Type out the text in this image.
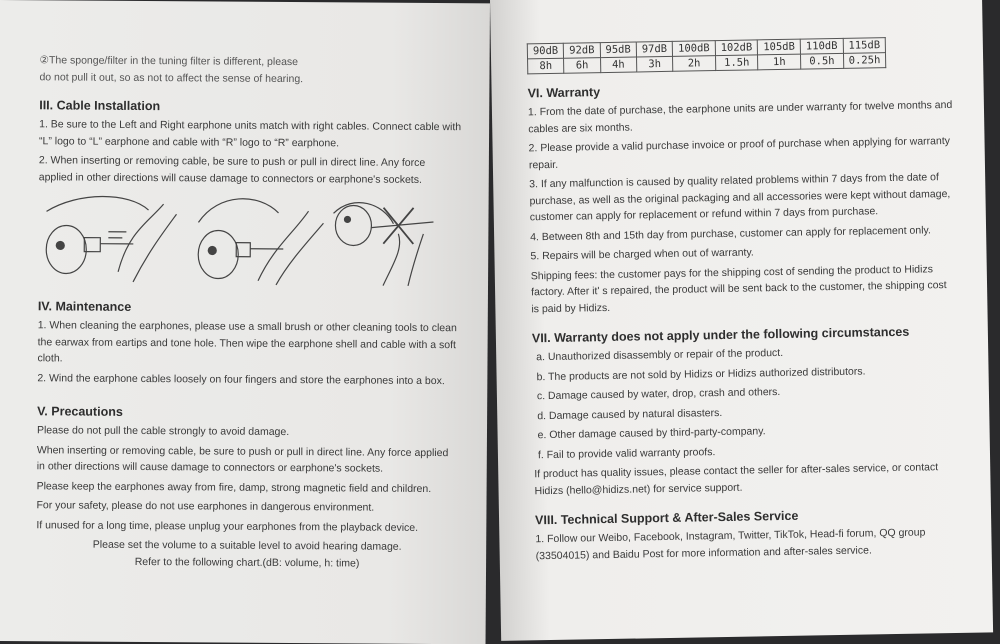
②The sponge/filter in the tuning filter is different, please

do not pull it out, so as not to affect the sense of hearing.

III. Cable Installation

1. Be sure to the Left and Right earphone units match with right cables. Connect cable with “L” logo to “L” earphone and cable with “R” logo to “R” earphone.

2. When inserting or removing cable, be sure to push or pull in direct line. Any force applied in other directions will cause damage to connectors or earphone's sockets.

IV. Maintenance

1. When cleaning the earphones, please use a small brush or other cleaning tools to clean the earwax from eartips and tone hole. Then wipe the earphone shell and cable with a soft cloth.

2. Wind the earphone cables loosely on four fingers and store the earphones into a box.

V. Precautions

Please do not pull the cable strongly to avoid damage.

When inserting or removing cable, be sure to push or pull in direct line. Any force applied in other directions will cause damage to connectors or earphone's sockets.

Please keep the earphones away from fire, damp, strong magnetic field and children.

For your safety, please do not use earphones in dangerous environment.

If unused for a long time, please unplug your earphones from the playback device.

Please set the volume to a suitable level to avoid hearing damage.

Refer to the following chart.(dB: volume, h: time)

90dB	92dB	95dB	97dB	100dB	102dB	105dB	110dB	115dB
8h	6h	4h	3h	2h	1.5h	1h	0.5h	0.25h
VI. Warranty

1. From the date of purchase, the earphone units are under warranty for twelve months and cables are six months.

2. Please provide a valid purchase invoice or proof of purchase when applying for warranty repair.

3. If any malfunction is caused by quality related problems within 7 days from the date of purchase, as well as the original packaging and all accessories were kept without damage, customer can apply for replacement or refund within 7 days from purchase.

4. Between 8th and 15th day from purchase, customer can apply for replacement only.

5. Repairs will be charged when out of warranty.

Shipping fees: the customer pays for the shipping cost of sending the product to Hidizs factory. After it' s repaired, the product will be sent back to the customer, the shipping cost is paid by Hidizs.

VII. Warranty does not apply under the following circumstances

a. Unauthorized disassembly or repair of the product.

b. The products are not sold by Hidizs or Hidizs authorized distributors.

c. Damage caused by water, drop, crash and others.

d. Damage caused by natural disasters.

e. Other damage caused by third-party-company.

f. Fail to provide valid warranty proofs.

If product has quality issues, please contact the seller for after-sales service, or contact Hidizs (hello@hidizs.net) for service support.

VIII. Technical Support & After-Sales Service

1. Follow our Weibo, Facebook, Instagram, Twitter, TikTok, Head-fi forum, QQ group (33504015) and Baidu Post for more information and after-sales service.
